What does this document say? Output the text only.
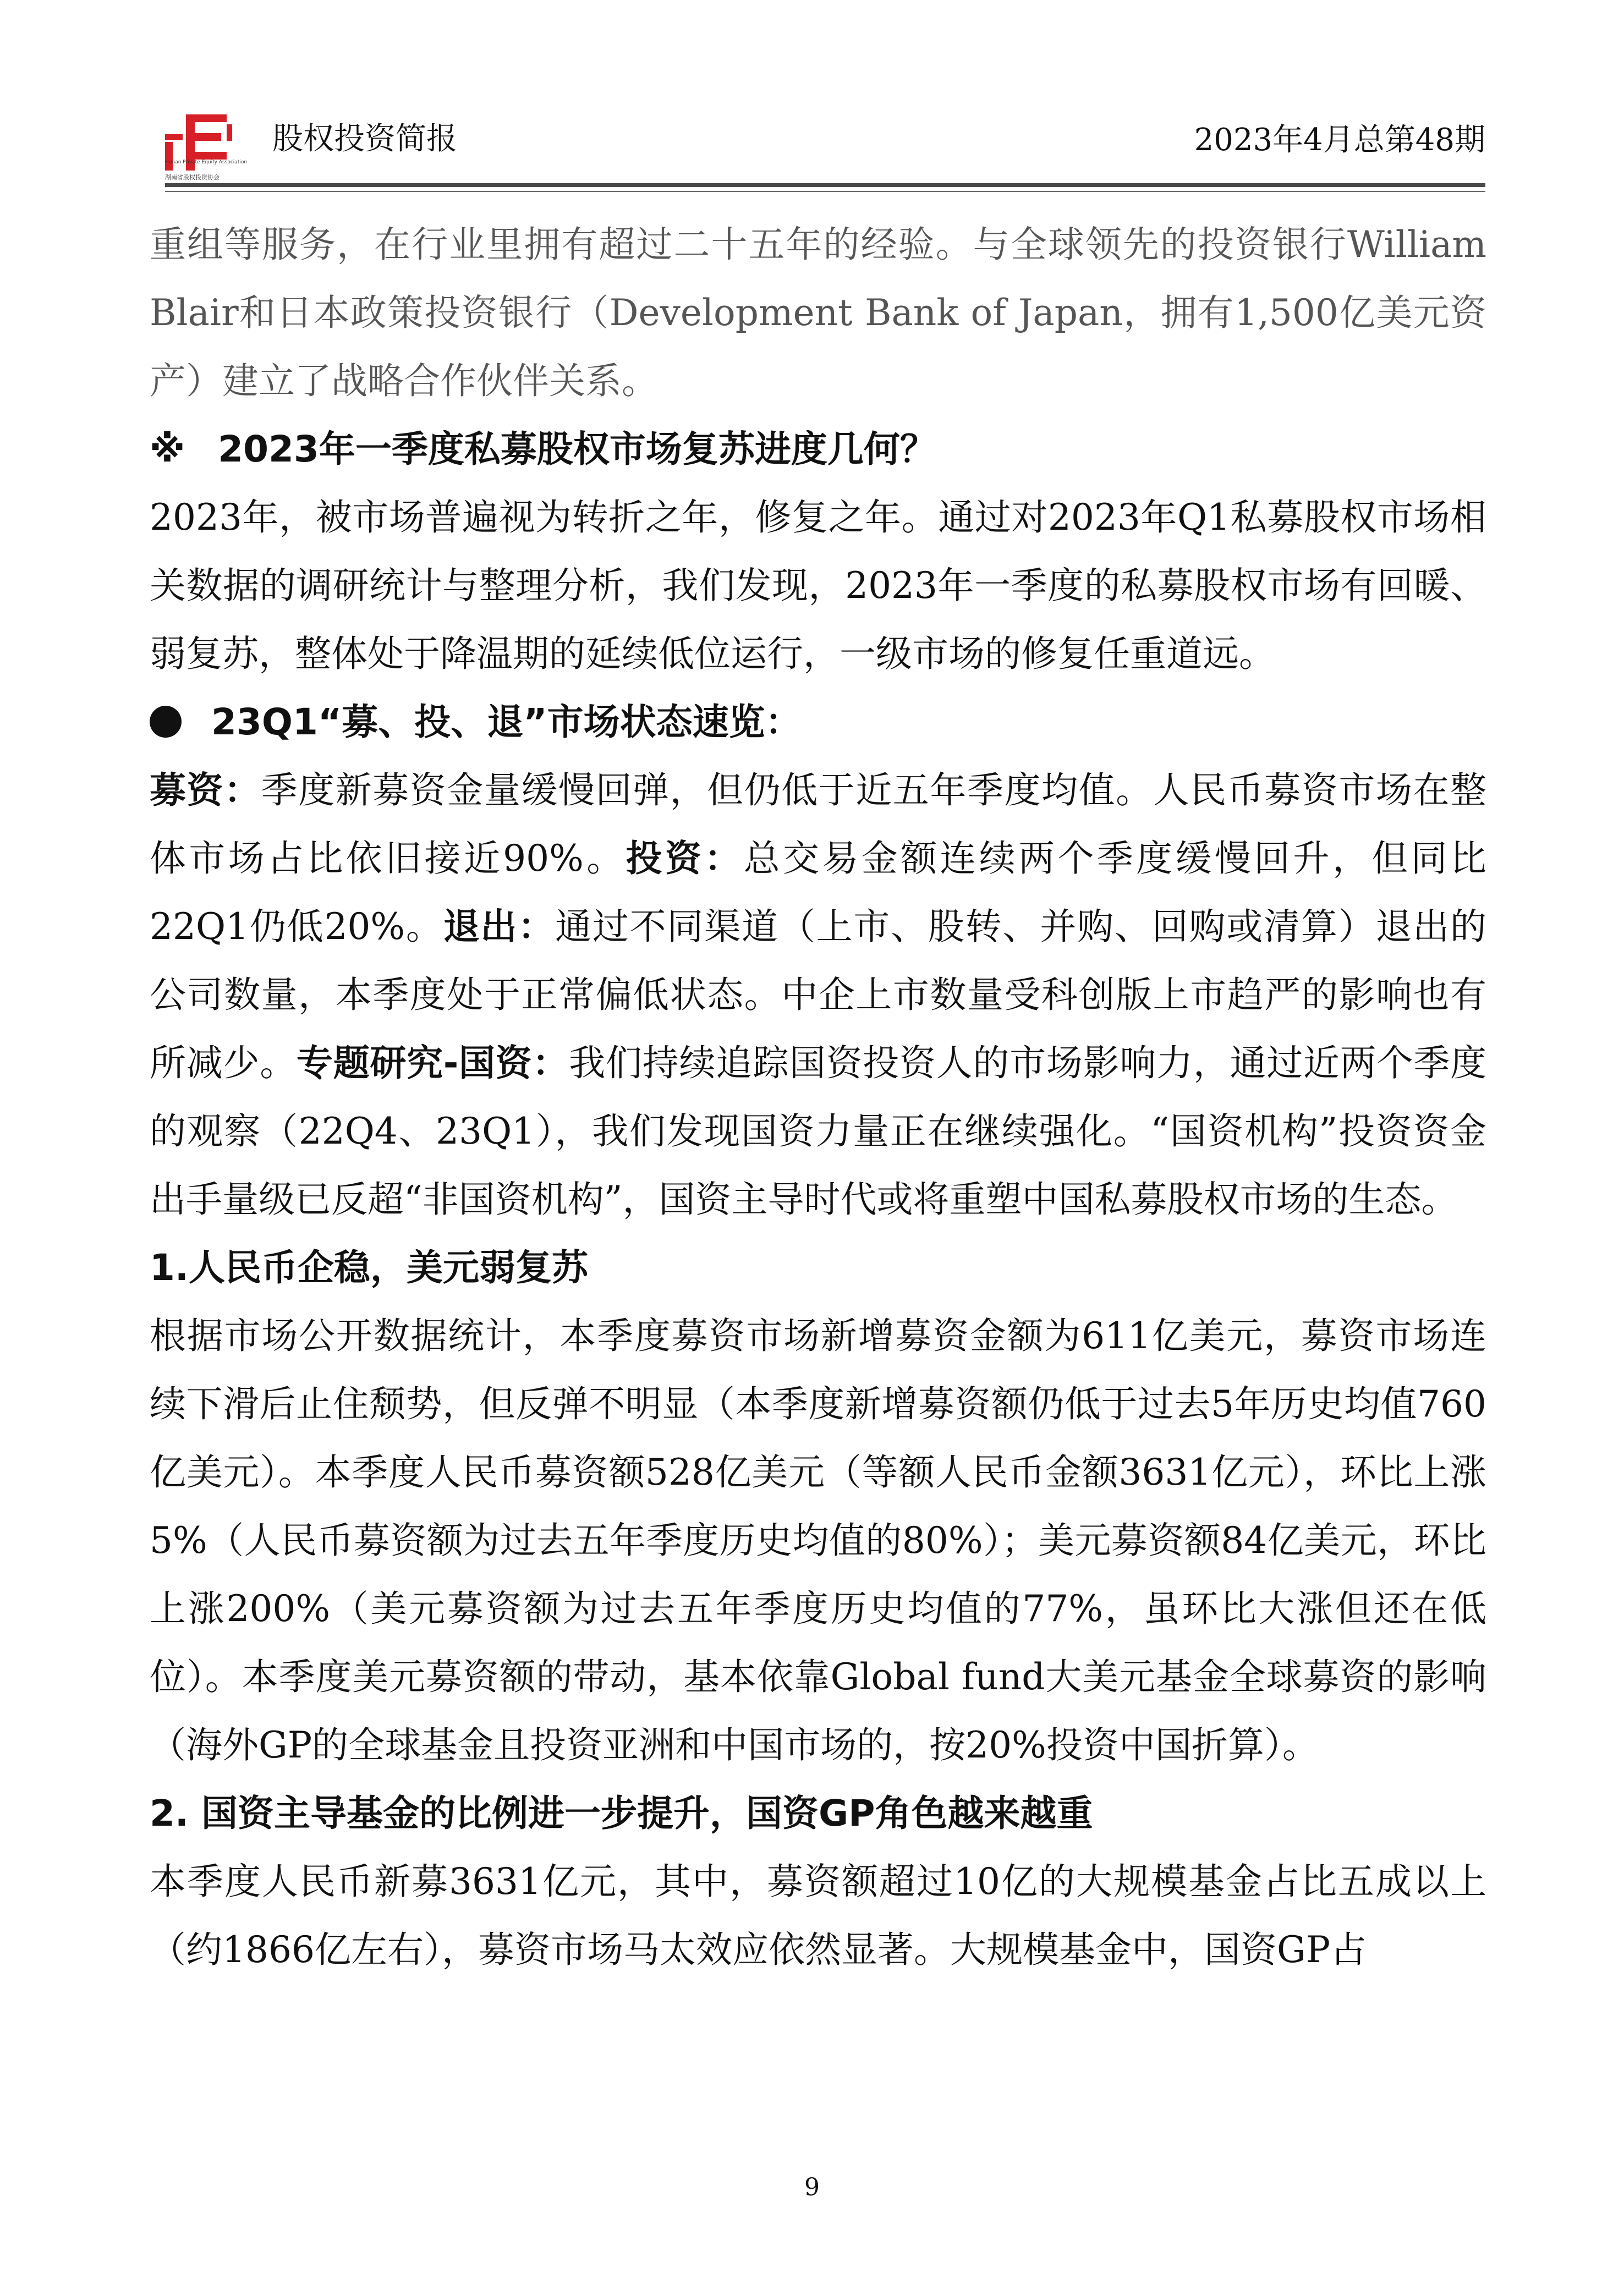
Hunan Private Equity Association
湖南省股权投资协会
股权投资简报	2023年4月总第48期

重组等服务，在行业里拥有超过二十五年的经验。与全球领先的投资银行William Blair和日本政策投资银行（Development Bank of Japan，拥有1,500亿美元资产）建立了战略合作伙伴关系。

※ 2023年一季度私募股权市场复苏进度几何？

2023年，被市场普遍视为转折之年，修复之年。通过对2023年Q1私募股权市场相关数据的调研统计与整理分析，我们发现，2023年一季度的私募股权市场有回暖、弱复苏，整体处于降温期的延续低位运行，一级市场的修复任重道远。

23Q1“募、投、退”市场状态速览：

募资：季度新募资金量缓慢回弹，但仍低于近五年季度均值。人民币募资市场在整体市场占比依旧接近90%。投资：总交易金额连续两个季度缓慢回升，但同比22Q1仍低20%。退出：通过不同渠道（上市、股转、并购、回购或清算）退出的公司数量，本季度处于正常偏低状态。中企上市数量受科创版上市趋严的影响也有所减少。专题研究-国资：我们持续追踪国资投资人的市场影响力，通过近两个季度的观察（22Q4、23Q1），我们发现国资力量正在继续强化。“国资机构”投资资金出手量级已反超“非国资机构”，国资主导时代或将重塑中国私募股权市场的生态。

1.人民币企稳，美元弱复苏

根据市场公开数据统计，本季度募资市场新增募资金额为611亿美元，募资市场连续下滑后止住颓势，但反弹不明显（本季度新增募资额仍低于过去5年历史均值760亿美元）。本季度人民币募资额528亿美元（等额人民币金额3631亿元），环比上涨5%（人民币募资额为过去五年季度历史均值的80%）；美元募资额84亿美元，环比上涨200%（美元募资额为过去五年季度历史均值的77%，虽环比大涨但还在低位）。本季度美元募资额的带动，基本依靠Global fund大美元基金全球募资的影响（海外GP的全球基金且投资亚洲和中国市场的，按20%投资中国折算）。

2. 国资主导基金的比例进一步提升，国资GP角色越来越重

本季度人民币新募3631亿元，其中，募资额超过10亿的大规模基金占比五成以上（约1866亿左右），募资市场马太效应依然显著。大规模基金中，国资GP占

9
